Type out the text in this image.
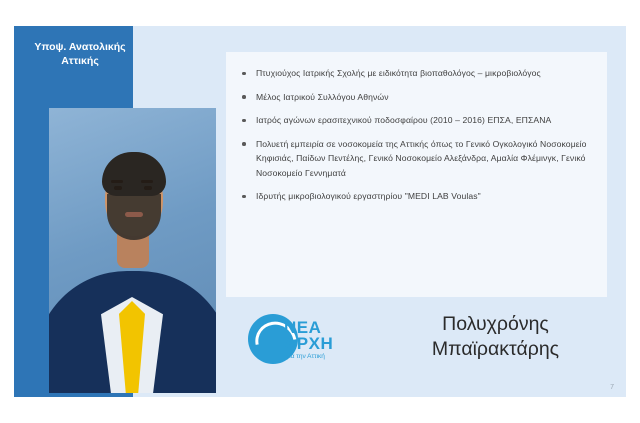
Υποψ. Ανατολικής Αττικής
Πτυχιούχος Ιατρικής Σχολής με ειδικότητα βιοπαθολόγος – μικροβιολόγος
Μέλος Ιατρικού Συλλόγου Αθηνών
Ιατρός αγώνων ερασιτεχνικού ποδοσφαίρου (2010 – 2016) ΕΠΣΑ, ΕΠΣΑΝΑ
Πολυετή εμπειρία σε νοσοκομεία της Αττικής όπως το Γενικό Ογκολογικό Νοσοκομείο Κηφισιάς, Παίδων Πεντέλης, Γενικό Νοσοκομείο Αλεξάνδρα, Αμαλία Φλέμινγκ, Γενικό Νοσοκομείο Γεννηματά
Ιδρυτής μικροβιολογικού εργαστηρίου "MEDI LAB Voulas"
ΝΕΑ
ΑΡΧΗ
για την Αττική
Πολυχρόνης
Μπαϊρακτάρης
7
